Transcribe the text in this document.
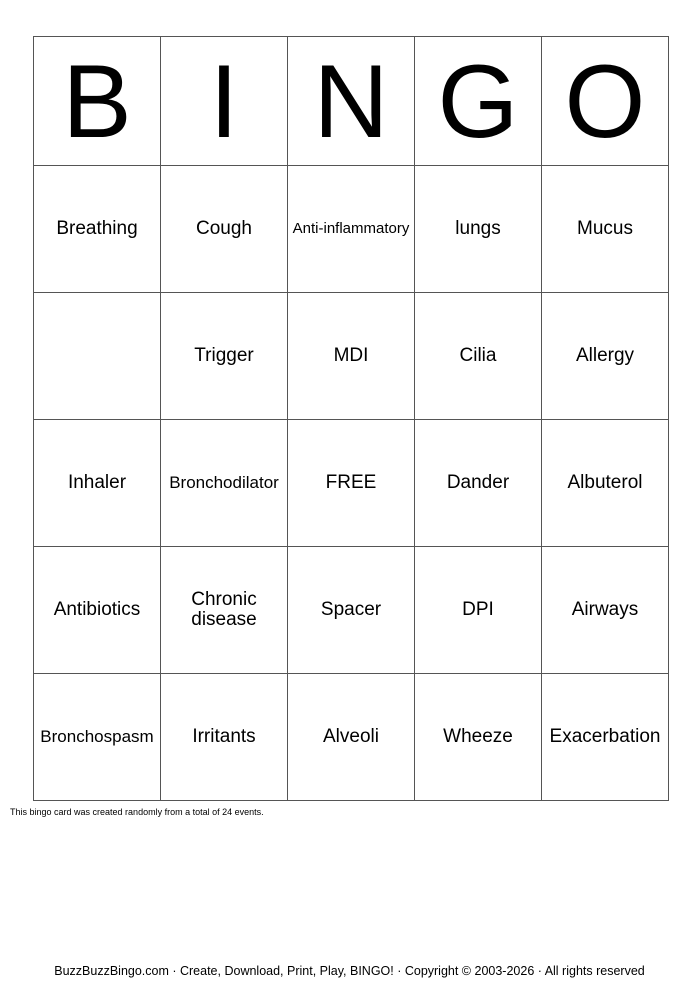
B	I	N	G	O
Breathing	Cough	Anti-inflammatory	lungs	Mucus
	Trigger	MDI	Cilia	Allergy
Inhaler	Bronchodilator	FREE	Dander	Albuterol
Antibiotics	Chronic disease	Spacer	DPI	Airways
Bronchospasm	Irritants	Alveoli	Wheeze	Exacerbation
This bingo card was created randomly from a total of 24 events.
BuzzBuzzBingo.com · Create, Download, Print, Play, BINGO! · Copyright © 2003-2026 · All rights reserved
